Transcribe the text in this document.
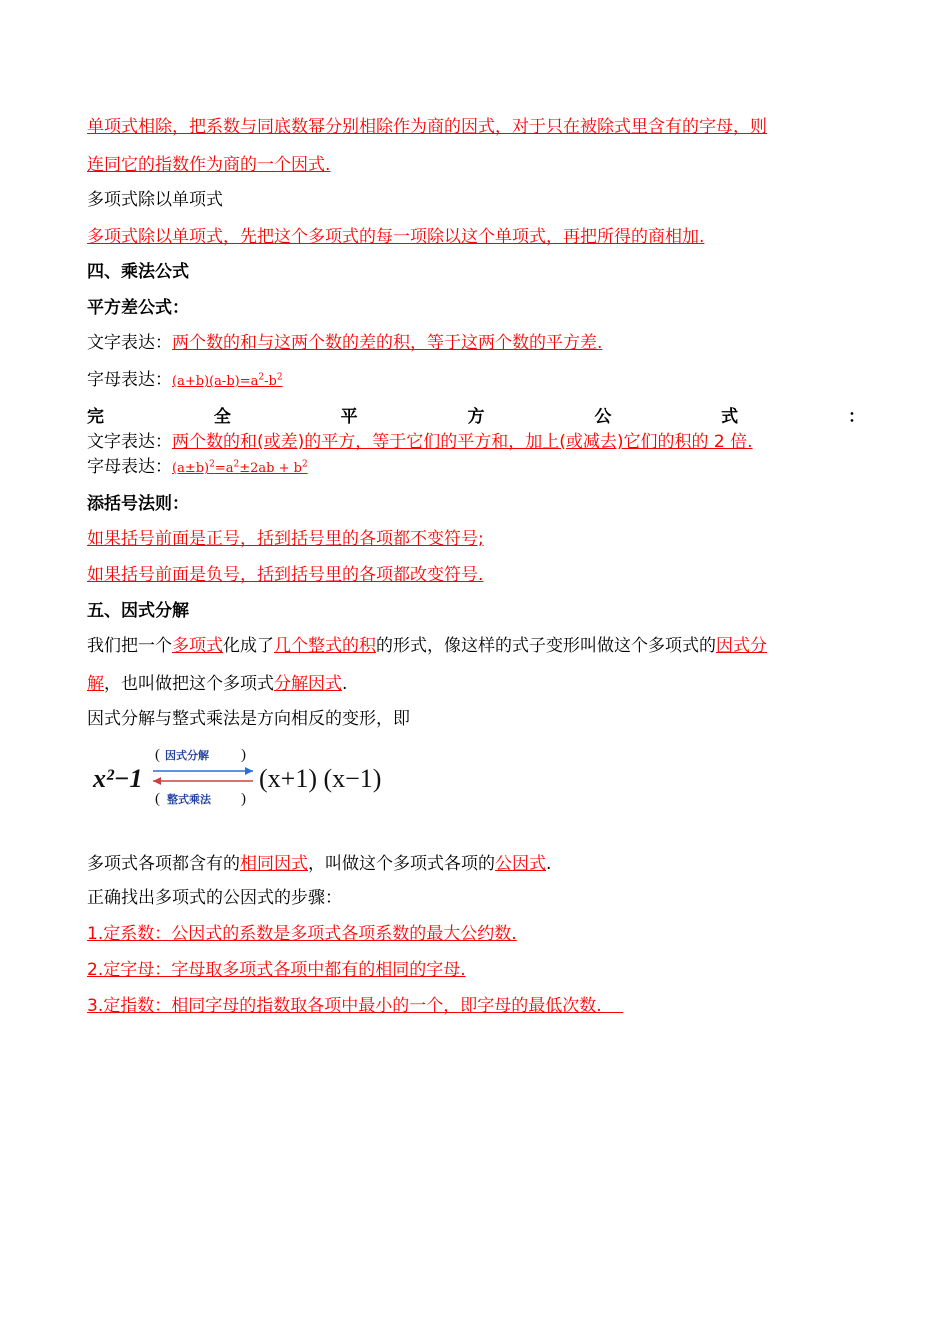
单项式相除，把系数与同底数幂分别相除作为商的因式，对于只在被除式里含有的字母，则
连同它的指数作为商的一个因式.
多项式除以单项式
多项式除以单项式，先把这个多项式的每一项除以这个单项式，再把所得的商相加.
四、乘法公式
平方差公式：
文字表达：两个数的和与这两个数的差的积，等于这两个数的平方差.
字母表达：$(a+b)(a-b)=a^2-b^2$
完	全	平	方	公	式	：
文字表达：两个数的和(或差)的平方，等于它们的平方和，加上(或减去)它们的积的 2 倍.
字母表达：$(a\pm b)^2=a^2\pm 2ab + b^2$
添括号法则：
如果括号前面是正号，括到括号里的各项都不变符号;
如果括号前面是负号，括到括号里的各项都改变符号.
五、因式分解
我们把一个多项式化成了几个整式的积的形式，像这样的式子变形叫做这个多项式的因式分
解，也叫做把这个多项式分解因式.
因式分解与整式乘法是方向相反的变形，即
x²−1
( 因式分解 )
( 整式乘法 )
(x+1) (x−1)
多项式各项都含有的相同因式，叫做这个多项式各项的公因式.
正确找出多项式的公因式的步骤：
1.定系数：公因式的系数是多项式各项系数的最大公约数.
2.定字母：字母取多项式各项中都有的相同的字母.
3.定指数：相同字母的指数取各项中最小的一个，即字母的最低次数.
